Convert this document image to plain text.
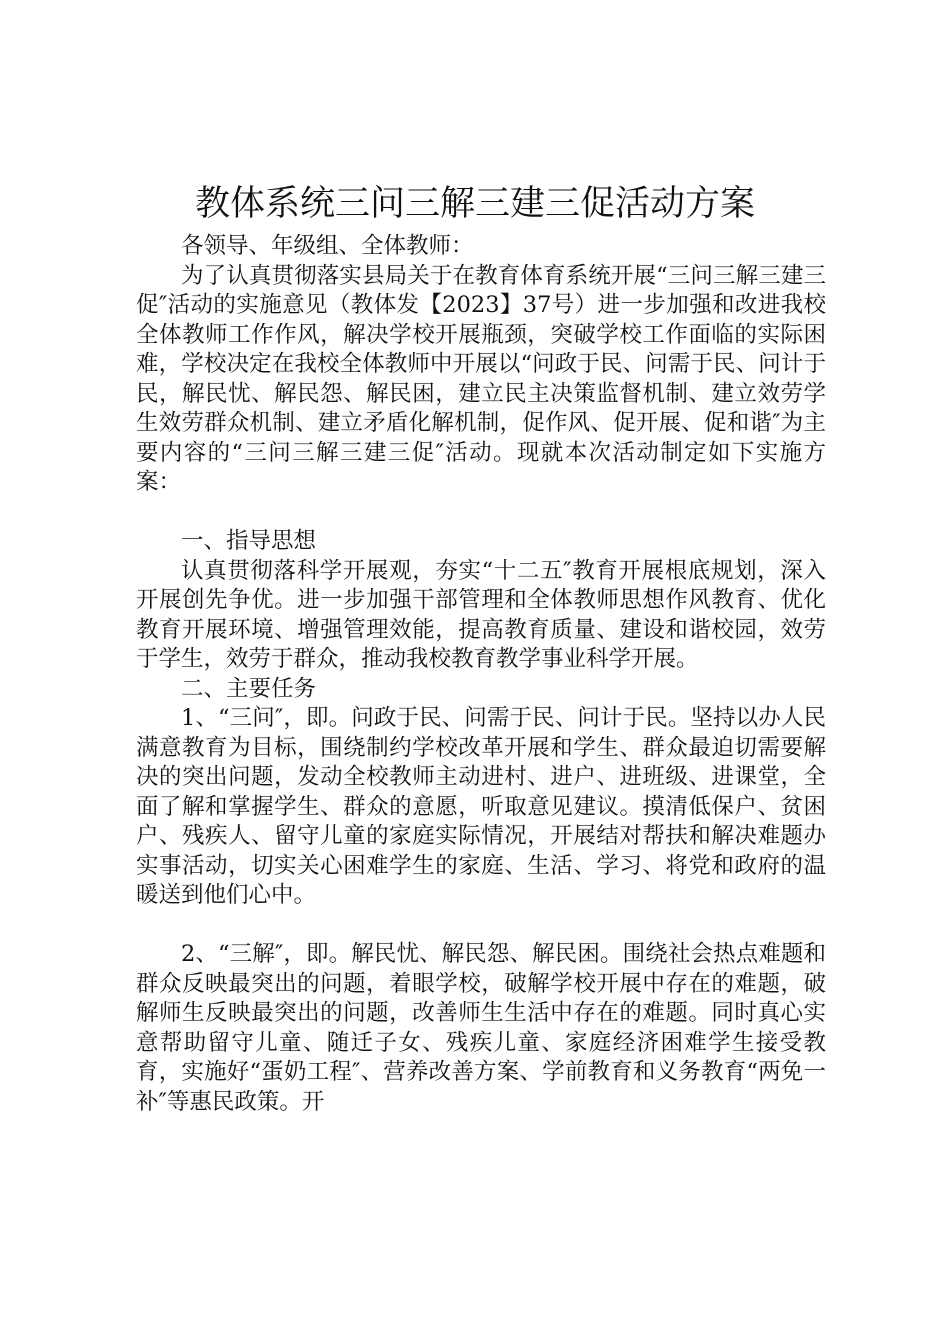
教体系统三问三解三建三促活动方案

各领导、年级组、全体教师：

为了认真贯彻落实县局关于在教育体育系统开展“三问三解三建三促″活动的实施意见（教体发【2023】37号）进一步加强和改进我校全体教师工作作风，解决学校开展瓶颈，突破学校工作面临的实际困难，学校决定在我校全体教师中开展以“问政于民、问需于民、问计于民，解民忧、解民怨、解民困，建立民主决策监督机制、建立效劳学生效劳群众机制、建立矛盾化解机制，促作风、促开展、促和谐″为主要内容的“三问三解三建三促″活动。现就本次活动制定如下实施方案：

一、指导思想

认真贯彻落科学开展观，夯实“十二五″教育开展根底规划，深入开展创先争优。进一步加强干部管理和全体教师思想作风教育、优化教育开展环境、增强管理效能，提高教育质量、建设和谐校园，效劳于学生，效劳于群众，推动我校教育教学事业科学开展。

二、主要任务

1、“三问″，即。问政于民、问需于民、问计于民。坚持以办人民满意教育为目标，围绕制约学校改革开展和学生、群众最迫切需要解决的突出问题，发动全校教师主动进村、进户、进班级、进课堂，全面了解和掌握学生、群众的意愿，听取意见建议。摸清低保户、贫困户、残疾人、留守儿童的家庭实际情况，开展结对帮扶和解决难题办实事活动，切实关心困难学生的家庭、生活、学习、将党和政府的温暖送到他们心中。

2、“三解″，即。解民忧、解民怨、解民困。围绕社会热点难题和群众反映最突出的问题，着眼学校，破解学校开展中存在的难题，破解师生反映最突出的问题，改善师生生活中存在的难题。同时真心实意帮助留守儿童、随迁子女、残疾儿童、家庭经济困难学生接受教育，实施好“蛋奶工程″、营养改善方案、学前教育和义务教育“两免一补″等惠民政策。开
